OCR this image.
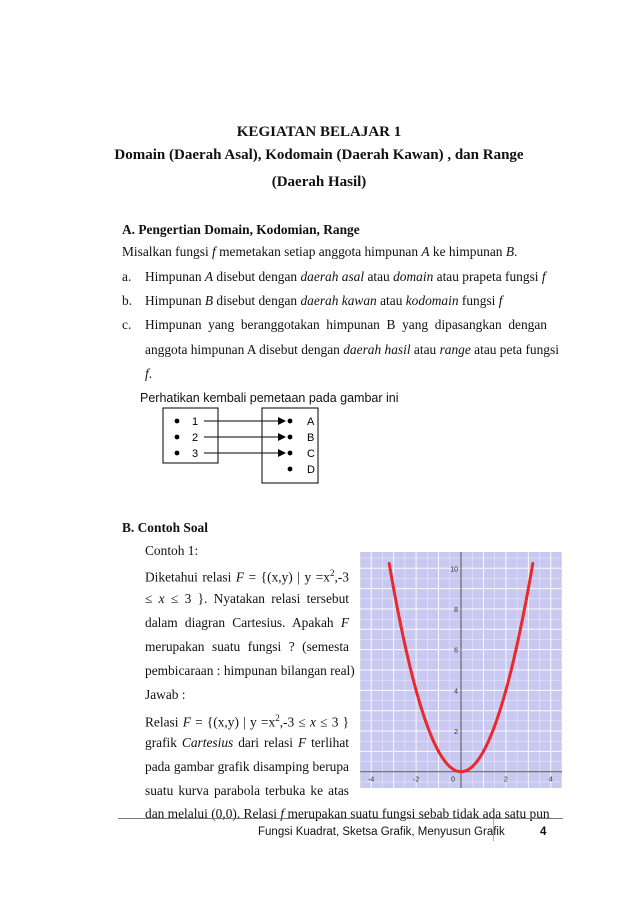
KEGIATAN BELAJAR 1
Domain (Daerah Asal), Kodomain (Daerah Kawan) , dan Range
(Daerah Hasil)
A. Pengertian Domain, Kodomian, Range
Misalkan fungsi f memetakan setiap anggota himpunan A ke himpunan B.
a. Himpunan A disebut dengan daerah asal atau domain atau prapeta fungsi f
b. Himpunan B disebut dengan daerah kawan atau kodomain fungsi f
c. Himpunan yang beranggotakan himpunan B yang dipasangkan dengan
anggota himpunan A disebut dengan daerah hasil atau range atau peta fungsi
f.
Perhatikan kembali pemetaan pada gambar ini
1
2
3
A
B
C
D
B. Contoh Soal
Contoh 1:
Diketahui relasi F = {(x,y) | $y =x^2,-3$
≤ x ≤ 3 }. Nyatakan relasi tersebut
dalam diagran Cartesius. Apakah F
merupakan suatu fungsi ? (semesta
pembicaraan : himpunan bilangan real)
Jawab :
Relasi F = {(x,y) | $y =x^2,-3 \le x \le 3$ }
grafik Cartesius dari relasi F terlihat
pada gambar grafik disamping berupa
suatu kurva parabola terbuka ke atas
dan melalui (0,0). Relasi f merupakan suatu fungsi sebab tidak ada satu pun
-4	-2	0	2	4
2
4
6
8
10
Fungsi Kuadrat, Sketsa Grafik, Menyusun Grafik	4
